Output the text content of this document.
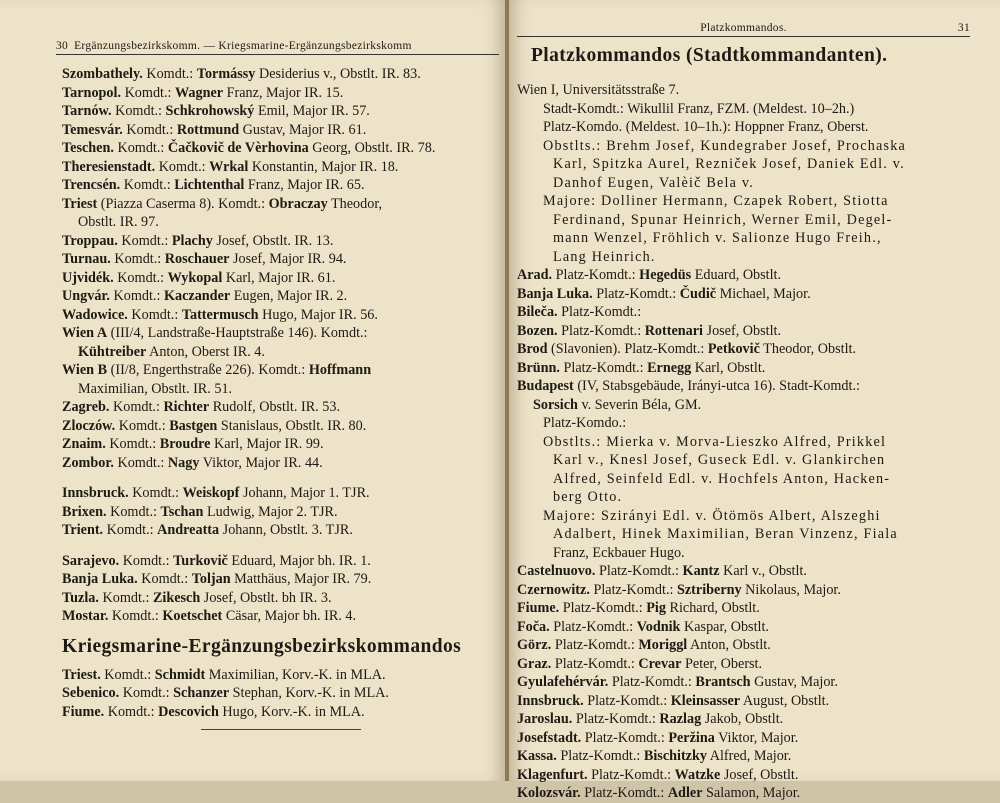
30 Ergänzungsbezirkskomm. — Kriegsmarine-Ergänzungsbezirkskomm
Szombathely. Komdt.: Tormássy Desiderius v., Obstlt. IR. 83.
Tarnopol. Komdt.: Wagner Franz, Major IR. 15.
Tarnów. Komdt.: Schkrohowský Emil, Major IR. 57.
Temesvár. Komdt.: Rottmund Gustav, Major IR. 61.
Teschen. Komdt.: Čačkovič de Vèrhovina Georg, Obstlt. IR. 78.
Theresienstadt. Komdt.: Wrkal Konstantin, Major IR. 18.
Trencsén. Komdt.: Lichtenthal Franz, Major IR. 65.
Triest (Piazza Caserma 8). Komdt.: Obraczay Theodor,
Obstlt. IR. 97.
Troppau. Komdt.: Plachy Josef, Obstlt. IR. 13.
Turnau. Komdt.: Roschauer Josef, Major IR. 94.
Ujvidék. Komdt.: Wykopal Karl, Major IR. 61.
Ungvár. Komdt.: Kaczander Eugen, Major IR. 2.
Wadowice. Komdt.: Tattermusch Hugo, Major IR. 56.
Wien A (III/4, Landstraße-Hauptstraße 146). Komdt.:
Kühtreiber Anton, Oberst IR. 4.
Wien B (II/8, Engerthstraße 226). Komdt.: Hoffmann
Maximilian, Obstlt. IR. 51.
Zagreb. Komdt.: Richter Rudolf, Obstlt. IR. 53.
Zloczów. Komdt.: Bastgen Stanislaus, Obstlt. IR. 80.
Znaim. Komdt.: Broudre Karl, Major IR. 99.
Zombor. Komdt.: Nagy Viktor, Major IR. 44.
Innsbruck. Komdt.: Weiskopf Johann, Major 1. TJR.
Brixen. Komdt.: Tschan Ludwig, Major 2. TJR.
Trient. Komdt.: Andreatta Johann, Obstlt. 3. TJR.
Sarajevo. Komdt.: Turkovič Eduard, Major bh. IR. 1.
Banja Luka. Komdt.: Toljan Matthäus, Major IR. 79.
Tuzla. Komdt.: Zikesch Josef, Obstlt. bh IR. 3.
Mostar. Komdt.: Koetschet Cäsar, Major bh. IR. 4.
Kriegsmarine-Ergänzungsbezirkskommandos
Triest. Komdt.: Schmidt Maximilian, Korv.-K. in MLA.
Sebenico. Komdt.: Schanzer Stephan, Korv.-K. in MLA.
Fiume. Komdt.: Descovich Hugo, Korv.-K. in MLA.
Platzkommandos.	31
Platzkommandos (Stadtkommandanten).
Wien I, Universitätsstraße 7.
Stadt-Komdt.: Wikullil Franz, FZM. (Meldest. 10–2h.)
Platz-Komdo. (Meldest. 10–1h.): Hoppner Franz, Oberst.
Obstlts.: Brehm Josef, Kundegraber Josef, Prochaska
Karl, Spitzka Aurel, Rezniček Josef, Daniek Edl. v.
Danhof Eugen, Valèič Bela v.
Majore: Dolliner Hermann, Czapek Robert, Stiotta
Ferdinand, Spunar Heinrich, Werner Emil, Degel-
mann Wenzel, Fröhlich v. Salionze Hugo Freih.,
Lang Heinrich.
Arad. Platz-Komdt.: Hegedüs Eduard, Obstlt.
Banja Luka. Platz-Komdt.: Čudič Michael, Major.
Bileča. Platz-Komdt.:
Bozen. Platz-Komdt.: Rottenari Josef, Obstlt.
Brod (Slavonien). Platz-Komdt.: Petkovič Theodor, Obstlt.
Brünn. Platz-Komdt.: Ernegg Karl, Obstlt.
Budapest (IV, Stabsgebäude, Irányi-utca 16). Stadt-Komdt.:
Sorsich v. Severin Béla, GM.
Platz-Komdo.:
Obstlts.: Mierka v. Morva-Lieszko Alfred, Prikkel
Karl v., Knesl Josef, Guseck Edl. v. Glankirchen
Alfred, Seinfeld Edl. v. Hochfels Anton, Hacken-
berg Otto.
Majore: Szirányi Edl. v. Ötömös Albert, Alszeghi
Adalbert, Hinek Maximilian, Beran Vinzenz, Fiala
Franz, Eckbauer Hugo.
Castelnuovo. Platz-Komdt.: Kantz Karl v., Obstlt.
Czernowitz. Platz-Komdt.: Sztriberny Nikolaus, Major.
Fiume. Platz-Komdt.: Pig Richard, Obstlt.
Foča. Platz-Komdt.: Vodnik Kaspar, Obstlt.
Görz. Platz-Komdt.: Moriggl Anton, Obstlt.
Graz. Platz-Komdt.: Crevar Peter, Oberst.
Gyulafehérvár. Platz-Komdt.: Brantsch Gustav, Major.
Innsbruck. Platz-Komdt.: Kleinsasser August, Obstlt.
Jaroslau. Platz-Komdt.: Razlag Jakob, Obstlt.
Josefstadt. Platz-Komdt.: Peržina Viktor, Major.
Kassa. Platz-Komdt.: Bischitzky Alfred, Major.
Klagenfurt. Platz-Komdt.: Watzke Josef, Obstlt.
Kolozsvár. Platz-Komdt.: Adler Salamon, Major.
